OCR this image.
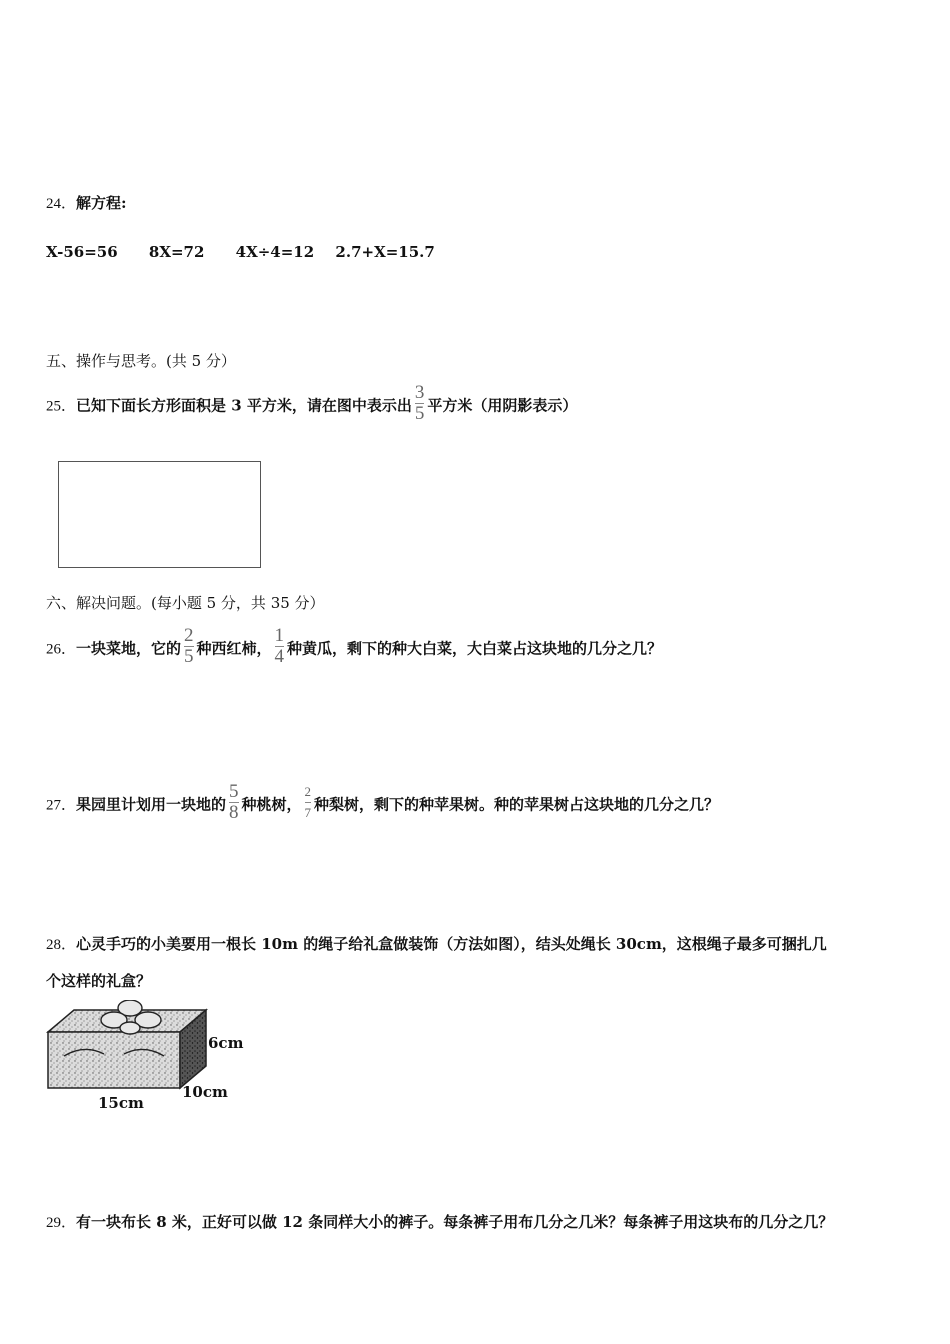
24．解方程:
X-56=56 8X=72 4X÷4=12 2.7+X=15.7
五、操作与思考。(共 5 分）
25．已知下面长方形面积是 3 平方米，请在图中表示出 $\frac{3}{5}$ 平方米（用阴影表示）
六、解决问题。(每小题 5 分，共 35 分）
26．一块菜地，它的 $\frac{2}{5}$ 种西红柿， $\frac{1}{4}$ 种黄瓜，剩下的种大白菜，大白菜占这块地的几分之几？
27．果园里计划用一块地的 $\frac{5}{8}$ 种桃树， $\frac{2}{7}$ 种梨树，剩下的种苹果树。种的苹果树占这块地的几分之几？
28．心灵手巧的小美要用一根长 10m 的绳子给礼盒做装饰（方法如图），结头处绳长 30cm，这根绳子最多可捆扎几
个这样的礼盒？
6cm
10cm
15cm
29．有一块布长 8 米，正好可以做 12 条同样大小的裤子。每条裤子用布几分之几米？每条裤子用这块布的几分之几？
